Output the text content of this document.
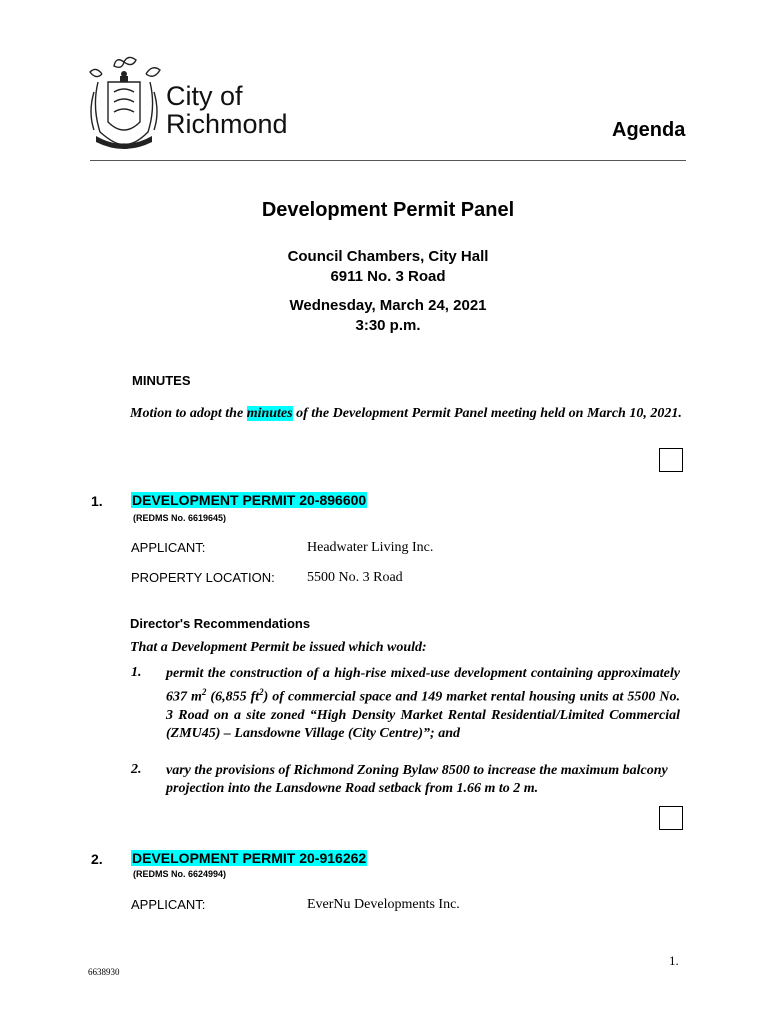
City of
Richmond	Agenda
Development Permit Panel
Council Chambers, City Hall
6911 No. 3 Road
Wednesday, March 24, 2021
3:30 p.m.
MINUTES
Motion to adopt the minutes of the Development Permit Panel meeting held on March 10, 2021.
1. DEVELOPMENT PERMIT 20-896600
(REDMS No. 6619645)
APPLICANT:	Headwater Living Inc.
PROPERTY LOCATION: 5500 No. 3 Road
Director's Recommendations
That a Development Permit be issued which would:
1. permit the construction of a high-rise mixed-use development containing approximately 637 $m^2$ (6,855 $ft^2$) of commercial space and 149 market rental housing units at 5500 No. 3 Road on a site zoned “High Density Market Rental Residential/Limited Commercial (ZMU45) – Lansdowne Village (City Centre)”; and
2. vary the provisions of Richmond Zoning Bylaw 8500 to increase the maximum balcony projection into the Lansdowne Road setback from 1.66 m to 2 m.
2. DEVELOPMENT PERMIT 20-916262
(REDMS No. 6624994)
APPLICANT:	EverNu Developments Inc.
1.
6638930
